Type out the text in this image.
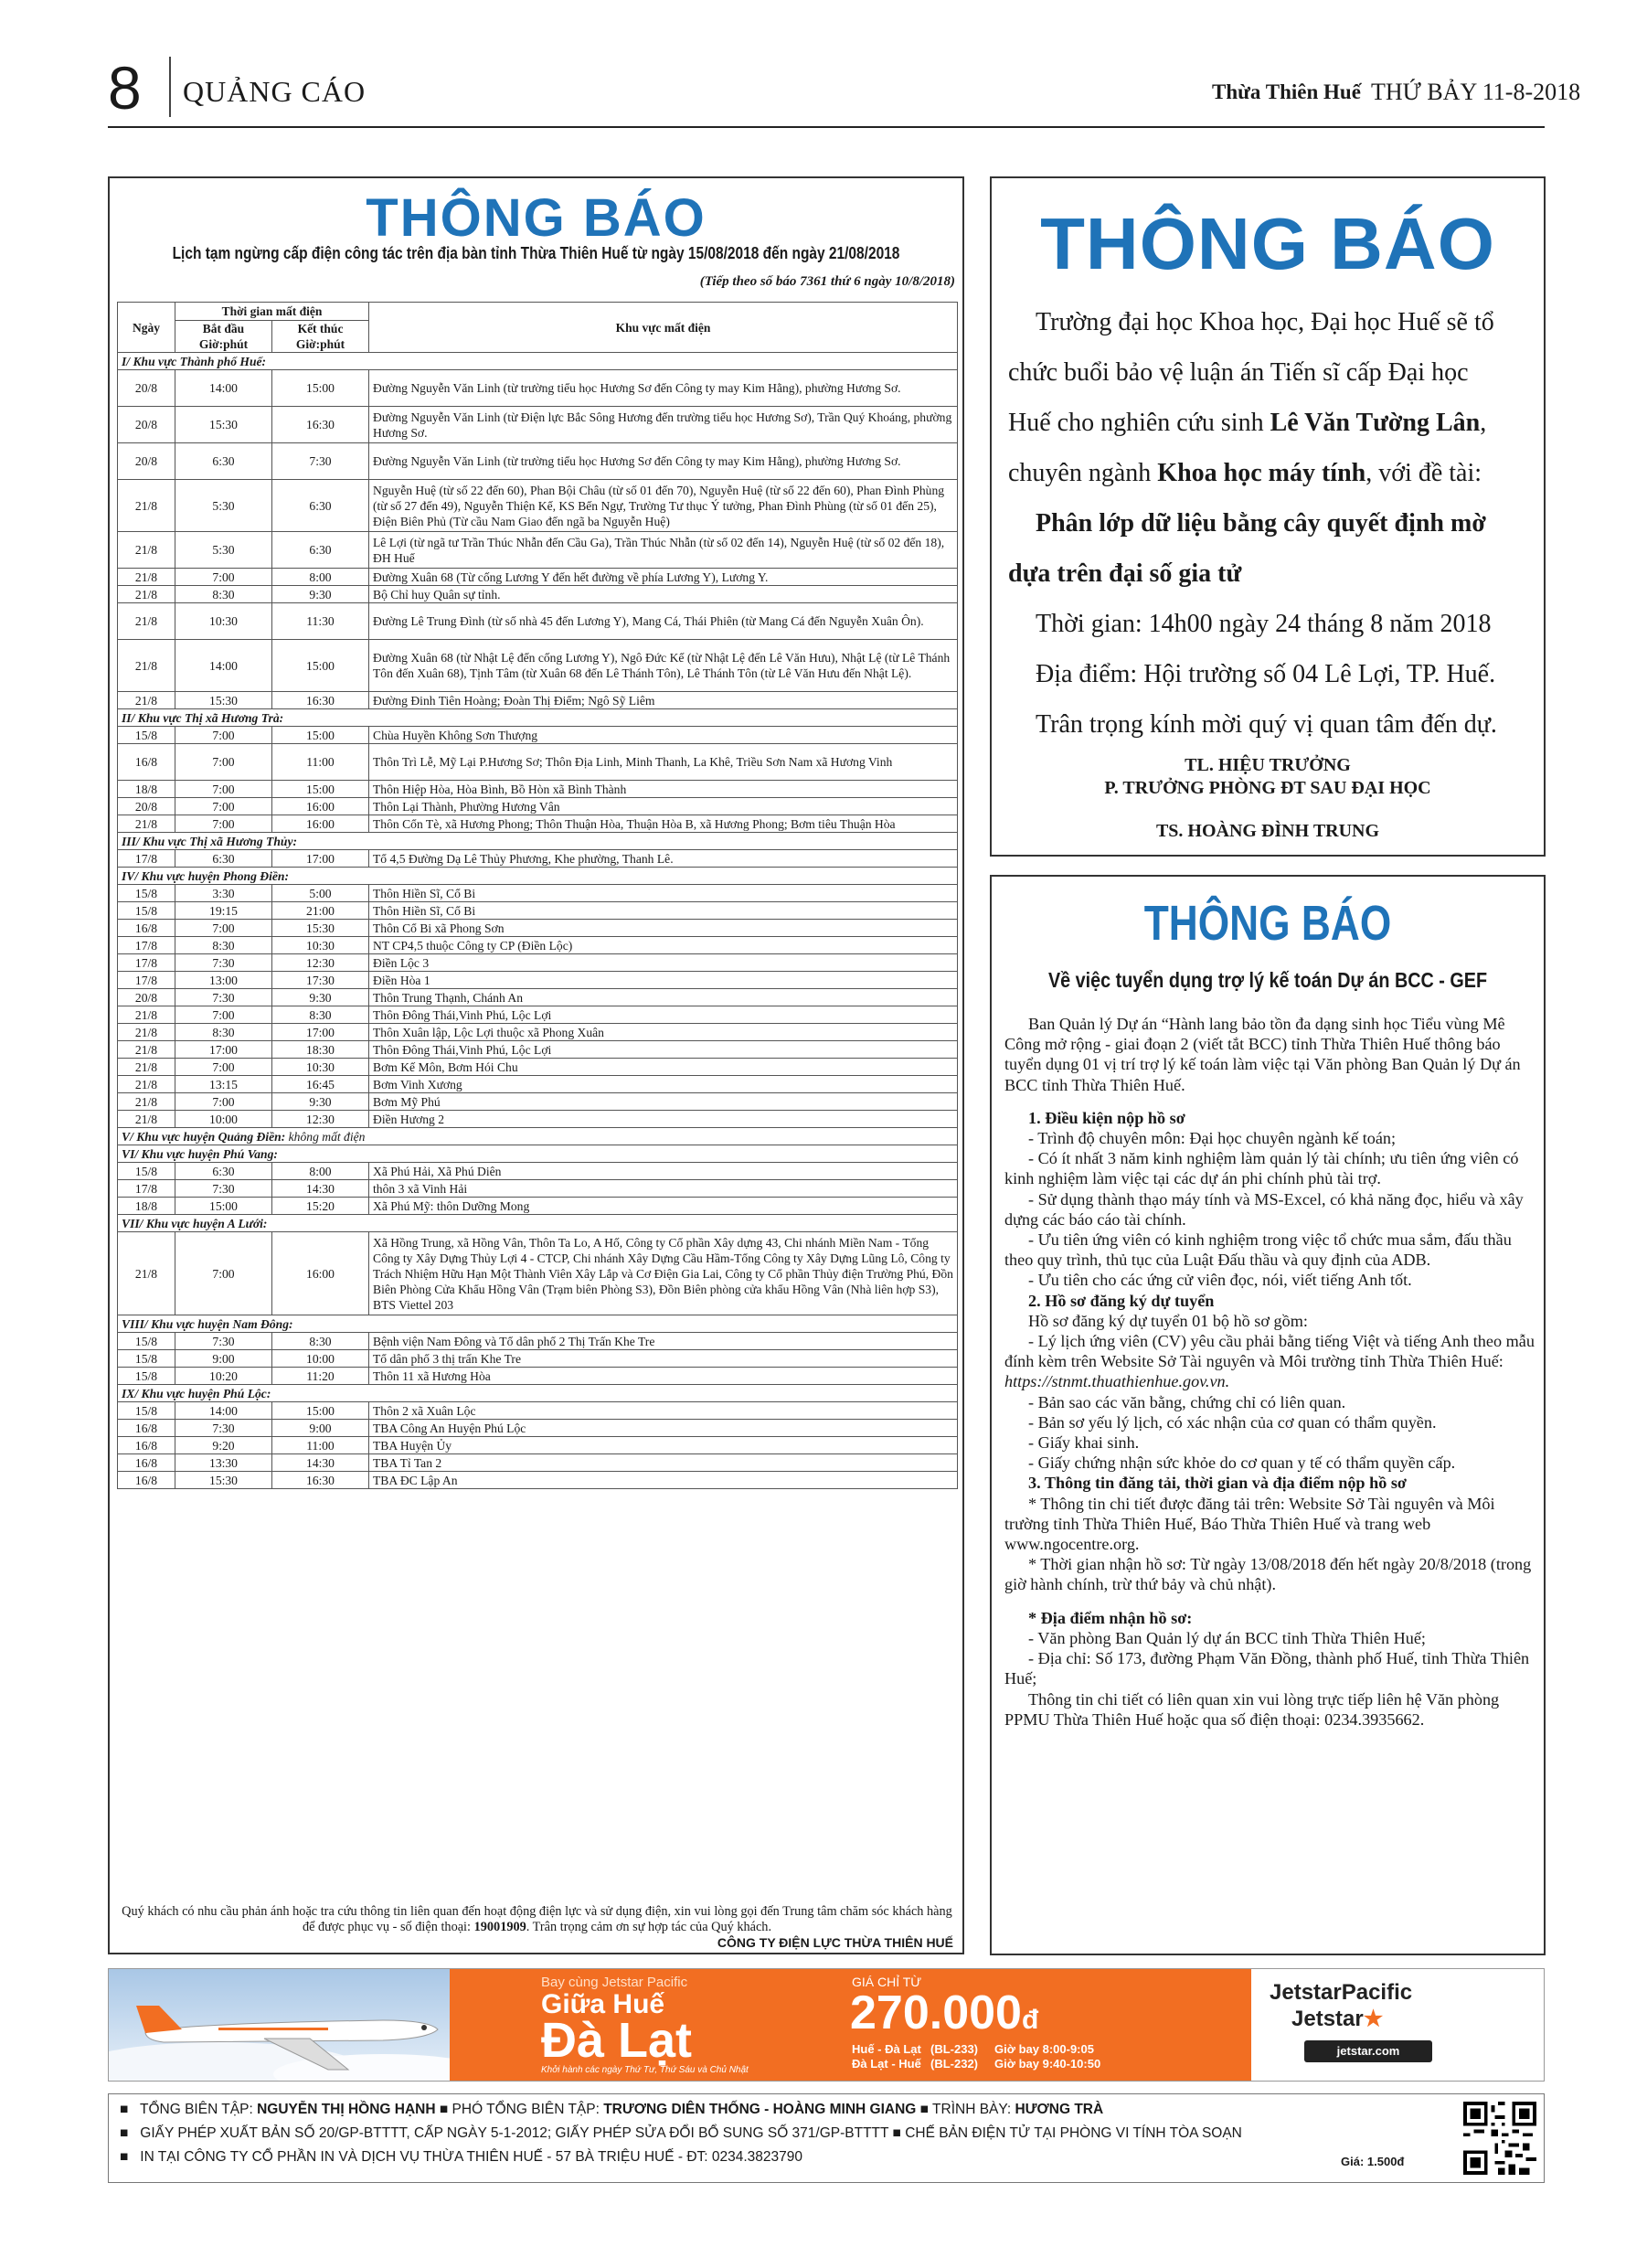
8 QUẢNG CÁO	Thừa Thiên Huế THỨ BẢY 11-8-2018
THÔNG BÁO
Lịch tạm ngừng cấp điện công tác trên địa bàn tỉnh Thừa Thiên Huế từ ngày 15/08/2018 đến ngày 21/08/2018
(Tiếp theo số báo 7361 thứ 6 ngày 10/8/2018)
Ngày	Thời gian mất điện		Khu vực mất điện
	Bắt đầu Giờ:phút	Kết thúc Giờ:phút	
I/ Khu vực Thành phố Huế:			
20/8	14:00	15:00	Đường Nguyễn Văn Linh (từ trường tiểu học Hương Sơ đến Công ty may Kim Hằng), phường Hương Sơ.
20/8	15:30	16:30	Đường Nguyễn Văn Linh (từ Điện lực Bắc Sông Hương đến trường tiểu học Hương Sơ), Trần Quý Khoáng, phường Hương Sơ.
20/8	6:30	7:30	Đường Nguyễn Văn Linh (từ trường tiểu học Hương Sơ đến Công ty may Kim Hằng), phường Hương Sơ.
21/8	5:30	6:30	Nguyễn Huệ (từ số 22 đến 60), Phan Bội Châu (từ số 01 đến 70), Nguyễn Huệ (từ số 22 đến 60), Phan Đình Phùng (từ số 27 đến 49), Nguyễn Thiện Kế, KS Bến Ngự, Trường Tư thục Ý tưởng, Phan Đình Phùng (từ số 01 đến 25), Điện Biên Phủ (Từ cầu Nam Giao đến ngã ba Nguyễn Huệ)
21/8	5:30	6:30	Lê Lợi (từ ngã tư Trần Thúc Nhẫn đến Cầu Ga), Trần Thúc Nhẫn (từ số 02 đến 14), Nguyễn Huệ (từ số 02 đến 18), ĐH Huế
21/8	7:00	8:00	Đường Xuân 68 (Từ cống Lương Y đến hết đường về phía Lương Y), Lương Y.
21/8	8:30	9:30	Bộ Chỉ huy Quân sự tỉnh.
21/8	10:30	11:30	Đường Lê Trung Đình (từ số nhà 45 đến Lương Y), Mang Cá, Thái Phiên (từ Mang Cá đến Nguyễn Xuân Ôn).
21/8	14:00	15:00	Đường Xuân 68 (từ Nhật Lệ đến cống Lương Y), Ngô Đức Kế (từ Nhật Lệ đến Lê Văn Hưu), Nhật Lệ (từ Lê Thánh Tôn đến Xuân 68), Tịnh Tâm (từ Xuân 68 đến Lê Thánh Tôn), Lê Thánh Tôn (từ Lê Văn Hưu đến Nhật Lệ).
21/8	15:30	16:30	Đường Đinh Tiên Hoàng; Đoàn Thị Điểm; Ngô Sỹ Liêm
II/ Khu vực Thị xã Hương Trà:			
15/8	7:00	15:00	Chùa Huyền Không Sơn Thượng
16/8	7:00	11:00	Thôn Trì Lễ, Mỹ Lại P.Hương Sơ; Thôn Địa Linh, Minh Thanh, La Khê, Triều Sơn Nam xã Hương Vinh
18/8	7:00	15:00	Thôn Hiệp Hòa, Hòa Bình, Bồ Hòn xã Bình Thành
20/8	7:00	16:00	Thôn Lại Thành, Phường Hương Vân
21/8	7:00	16:00	Thôn Cổn Tè, xã Hương Phong; Thôn Thuận Hòa, Thuận Hòa B, xã Hương Phong; Bơm tiêu Thuận Hòa
III/ Khu vực Thị xã Hương Thủy:			
17/8	6:30	17:00	Tổ 4,5 Đường Dạ Lê Thủy Phương, Khe phường, Thanh Lê.
IV/ Khu vực huyện Phong Điền:			
15/8	3:30	5:00	Thôn Hiền Sĩ, Cổ Bi
15/8	19:15	21:00	Thôn Hiền Sĩ, Cổ Bi
16/8	7:00	15:30	Thôn Cổ Bi xã Phong Sơn
17/8	8:30	10:30	NT CP4,5 thuộc Công ty CP (Điền Lộc)
17/8	7:30	12:30	Điền Lộc 3
17/8	13:00	17:30	Điền Hòa 1
20/8	7:30	9:30	Thôn Trung Thạnh, Chánh An
21/8	7:00	8:30	Thôn Đông Thái,Vinh Phú, Lộc Lợi
21/8	8:30	17:00	Thôn Xuân lập, Lộc Lợi thuộc xã Phong Xuân
21/8	17:00	18:30	Thôn Đông Thái,Vinh Phú, Lộc Lợi
21/8	7:00	10:30	Bơm Kế Môn, Bơm Hói Chu
21/8	13:15	16:45	Bơm Vinh Xương
21/8	7:00	9:30	Bơm Mỹ Phú
21/8	10:00	12:30	Điền Hương 2
V/ Khu vực huyện Quảng Điền: không mất điện			
VI/ Khu vực huyện Phú Vang:			
15/8	6:30	8:00	Xã Phú Hải, Xã Phú Diên
17/8	7:30	14:30	thôn 3 xã Vinh Hải
18/8	15:00	15:20	Xã Phú Mỹ: thôn Dưỡng Mong
VII/ Khu vực huyện A Lưới:			
21/8	7:00	16:00	Xã Hồng Trung, xã Hồng Vân, Thôn Ta Lo, A Hố, Công ty Cổ phần Xây dựng 43, Chi nhánh Miền Nam - Tổng Công ty Xây Dựng Thủy Lợi 4 - CTCP, Chi nhánh Xây Dựng Cầu Hầm-Tổng Công ty Xây Dựng Lũng Lô, Công ty Trách Nhiệm Hữu Hạn Một Thành Viên Xây Lắp và Cơ Điện Gia Lai, Công ty Cổ phần Thủy điện Trường Phú, Đồn Biên Phòng Cửa Khẩu Hồng Vân (Trạm biên Phòng S3), Đồn Biên phòng cửa khẩu Hồng Vân (Nhà liên hợp S3), BTS Viettel 203
VIII/ Khu vực huyện Nam Đông:			
15/8	7:30	8:30	Bệnh viện Nam Đông và Tổ dân phố 2 Thị Trấn Khe Tre
15/8	9:00	10:00	Tổ dân phố 3 thị trấn Khe Tre
15/8	10:20	11:20	Thôn 11 xã Hương Hòa
IX/ Khu vực huyện Phú Lộc:			
15/8	14:00	15:00	Thôn 2 xã Xuân Lộc
16/8	7:30	9:00	TBA Công An Huyện Phú Lộc
16/8	9:20	11:00	TBA Huyện Ủy
16/8	13:30	14:30	TBA Tỉ Tan 2
16/8	15:30	16:30	TBA ĐC Lập An
Quý khách có nhu cầu phản ánh hoặc tra cứu thông tin liên quan đến hoạt động điện lực và sử dụng điện, xin vui lòng gọi đến Trung tâm chăm sóc khách hàng để được phục vụ - số điện thoại: 19001909. Trân trọng cảm ơn sự hợp tác của Quý khách.
CÔNG TY ĐIỆN LỰC THỪA THIÊN HUẾ
THÔNG BÁO
Trường đại học Khoa học, Đại học Huế sẽ tổ
chức buổi bảo vệ luận án Tiến sĩ cấp Đại học
Huế cho nghiên cứu sinh Lê Văn Tường Lân,
chuyên ngành Khoa học máy tính, với đề tài:
Phân lớp dữ liệu bằng cây quyết định mờ
dựa trên đại số gia tử
Thời gian: 14h00 ngày 24 tháng 8 năm 2018
Địa điểm: Hội trường số 04 Lê Lợi, TP. Huế.
Trân trọng kính mời quý vị quan tâm đến dự.
TL. HIỆU TRƯỞNG
P. TRƯỞNG PHÒNG ĐT SAU ĐẠI HỌC
TS. HOÀNG ĐÌNH TRUNG
THÔNG BÁO
Về việc tuyển dụng trợ lý kế toán Dự án BCC - GEF

Ban Quản lý Dự án “Hành lang bảo tồn đa dạng sinh học Tiểu vùng Mê Công mở rộng - giai đoạn 2 (viết tắt BCC) tỉnh Thừa Thiên Huế thông báo tuyển dụng 01 vị trí trợ lý kế toán làm việc tại Văn phòng Ban Quản lý Dự án BCC tỉnh Thừa Thiên Huế.

1. Điều kiện nộp hồ sơ

- Trình độ chuyên môn: Đại học chuyên ngành kế toán;

- Có ít nhất 3 năm kinh nghiệm làm quản lý tài chính; ưu tiên ứng viên có kinh nghiệm làm việc tại các dự án phi chính phủ tài trợ.

- Sử dụng thành thạo máy tính và MS-Excel, có khả năng đọc, hiểu và xây dựng các báo cáo tài chính.

- Ưu tiên ứng viên có kinh nghiệm trong việc tổ chức mua sắm, đấu thầu theo quy trình, thủ tục của Luật Đấu thầu và quy định của ADB.

- Ưu tiên cho các ứng cử viên đọc, nói, viết tiếng Anh tốt.

2. Hồ sơ đăng ký dự tuyển

Hồ sơ đăng ký dự tuyển 01 bộ hồ sơ gồm:

- Lý lịch ứng viên (CV) yêu cầu phải bằng tiếng Việt và tiếng Anh theo mẫu đính kèm trên Website Sở Tài nguyên và Môi trường tỉnh Thừa Thiên Huế: https://stnmt.thuathienhue.gov.vn.

- Bản sao các văn bằng, chứng chỉ có liên quan.

- Bản sơ yếu lý lịch, có xác nhận của cơ quan có thẩm quyền.

- Giấy khai sinh.

- Giấy chứng nhận sức khỏe do cơ quan y tế có thẩm quyền cấp.

3. Thông tin đăng tải, thời gian và địa điểm nộp hồ sơ

* Thông tin chi tiết được đăng tải trên: Website Sở Tài nguyên và Môi trường tỉnh Thừa Thiên Huế, Báo Thừa Thiên Huế và trang web www.ngocentre.org.

* Thời gian nhận hồ sơ: Từ ngày 13/08/2018 đến hết ngày 20/8/2018 (trong giờ hành chính, trừ thứ bảy và chủ nhật).

* Địa điểm nhận hồ sơ:

- Văn phòng Ban Quản lý dự án BCC tỉnh Thừa Thiên Huế;

- Địa chỉ: Số 173, đường Phạm Văn Đồng, thành phố Huế, tỉnh Thừa Thiên Huế;

Thông tin chi tiết có liên quan xin vui lòng trực tiếp liên hệ Văn phòng PPMU Thừa Thiên Huế hoặc qua số điện thoại: 0234.3935662.

Bay cùng Jetstar Pacific
Giữa Huế
Đà Lạt
Khởi hành các ngày Thứ Tư, Thứ Sáu và Chủ Nhật
GIÁ CHỈ TỪ
270.000đ
Huế - Đà Lạt (BL-233) Giờ bay 8:00-9:05
Đà Lạt - Huế (BL-232) Giờ bay 9:40-10:50
JetstarPacific
Jetstar★
jetstar.com
■   TỔNG BIÊN TẬP: NGUYỄN THỊ HỒNG HẠNH ■ PHÓ TỔNG BIÊN TẬP: TRƯƠNG DIÊN THỐNG - HOÀNG MINH GIANG ■ TRÌNH BÀY: HƯƠNG TRÀ
■   GIẤY PHÉP XUẤT BẢN SỐ 20/GP-BTTTT, CẤP NGÀY 5-1-2012; GIẤY PHÉP SỬA ĐỔI BỔ SUNG SỐ 371/GP-BTTTT ■ CHẾ BẢN ĐIỆN TỬ TẠI PHÒNG VI TÍNH TÒA SOẠN
■   IN TẠI CÔNG TY CỔ PHẦN IN VÀ DỊCH VỤ THỪA THIÊN HUẾ - 57 BÀ TRIỆU HUẾ - ĐT: 0234.3823790	Giá: 1.500đ
